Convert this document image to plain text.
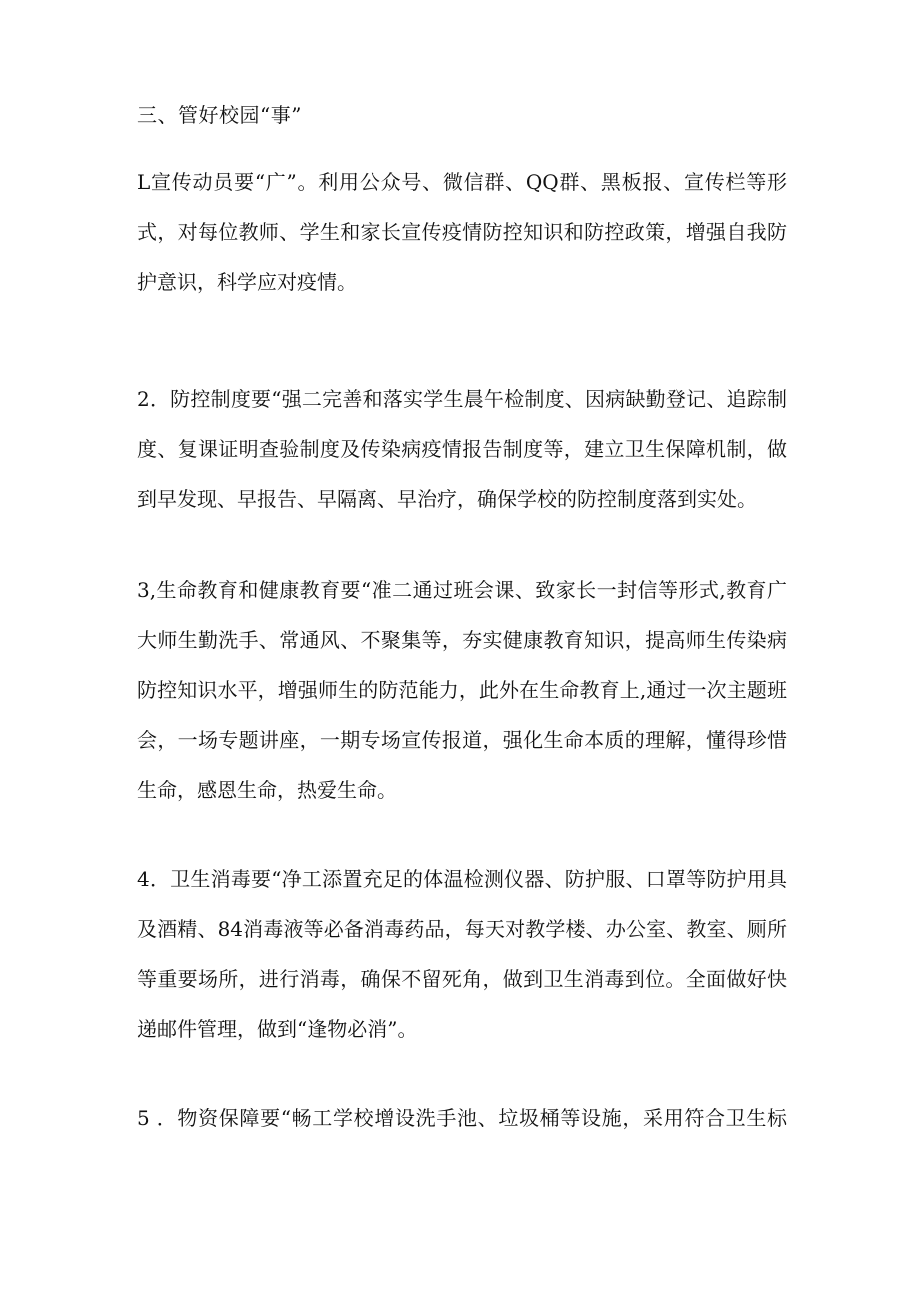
三、管好校园“事”
L宣传动员要“广”。利用公众号、微信群、QQ群、黑板报、宣传栏等形
式，对每位教师、学生和家长宣传疫情防控知识和防控政策，增强自我防
护意识，科学应对疫情。
2．防控制度要“强二完善和落实学生晨午检制度、因病缺勤登记、追踪制
度、复课证明查验制度及传染病疫情报告制度等，建立卫生保障机制，做
到早发现、早报告、早隔离、早治疗，确保学校的防控制度落到实处。
3,生命教育和健康教育要“准二通过班会课、致家长一封信等形式,教育广
大师生勤洗手、常通风、不聚集等，夯实健康教育知识，提高师生传染病
防控知识水平，增强师生的防范能力，此外在生命教育上,通过一次主题班
会，一场专题讲座，一期专场宣传报道，强化生命本质的理解，懂得珍惜
生命，感恩生命，热爱生命。
4．卫生消毒要“净工添置充足的体温检测仪器、防护服、口罩等防护用具
及酒精、84消毒液等必备消毒药品，每天对教学楼、办公室、教室、厕所
等重要场所，进行消毒，确保不留死角，做到卫生消毒到位。全面做好快
递邮件管理，做到“逢物必消”。
5 ．物资保障要“畅工学校增设洗手池、垃圾桶等设施，采用符合卫生标
